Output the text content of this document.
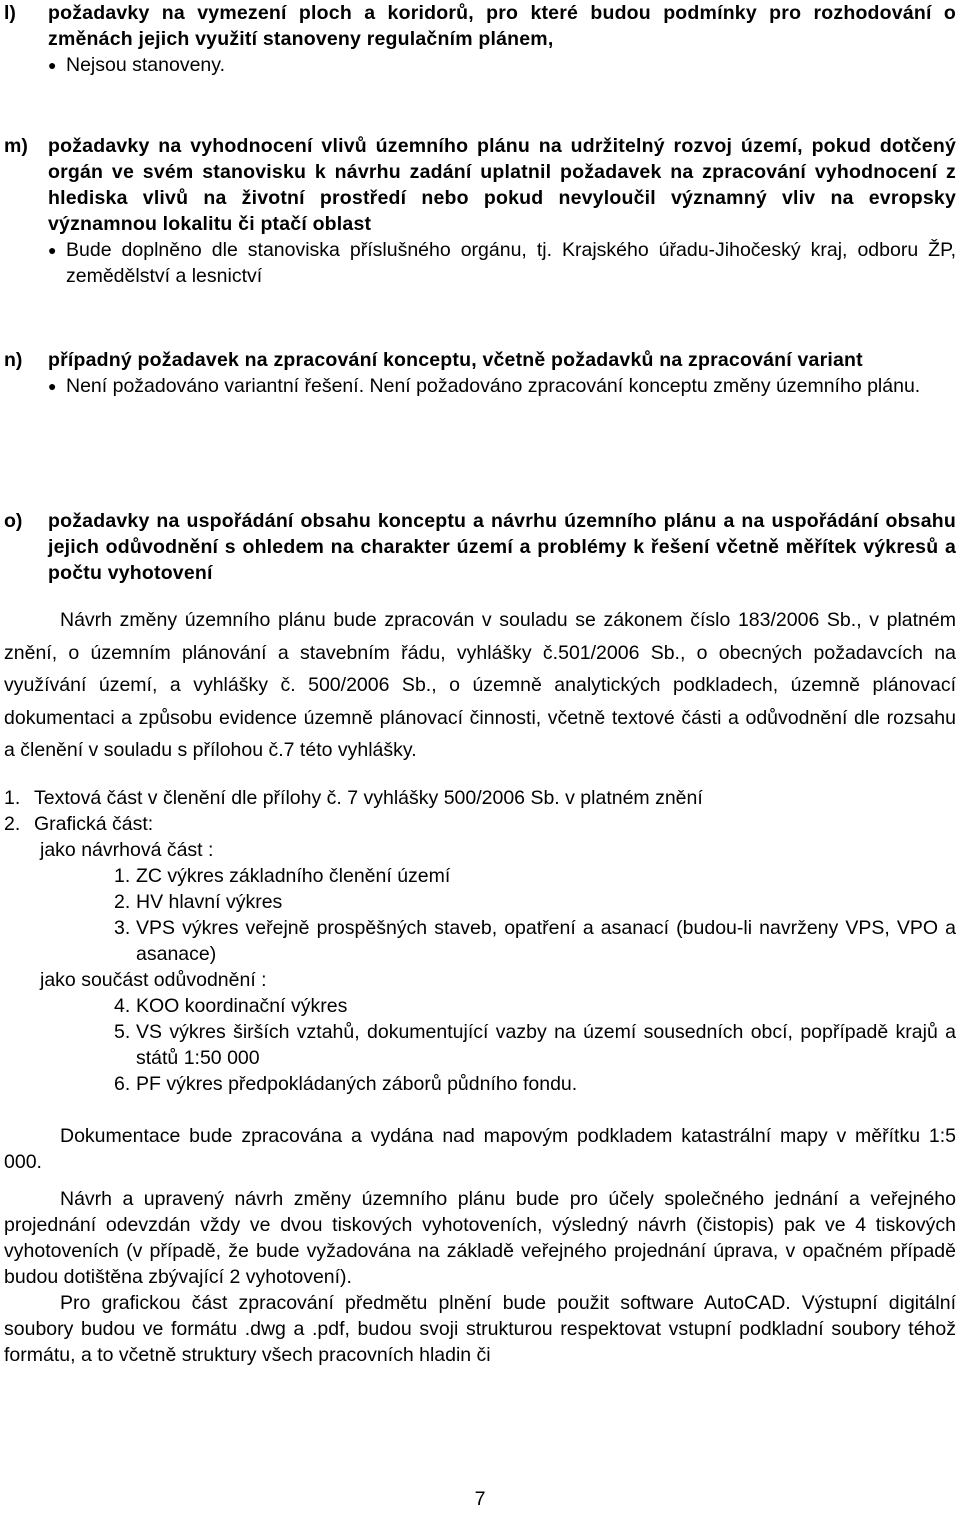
l)	požadavky na vymezení ploch a koridorů, pro které budou podmínky pro rozhodování o změnách jejich využití stanoveny regulačním plánem,
● Nejsou stanoveny.
m)	požadavky na vyhodnocení vlivů územního plánu na udržitelný rozvoj území, pokud dotčený orgán ve svém stanovisku k návrhu zadání uplatnil požadavek na zpracování vyhodnocení z hlediska vlivů na životní prostředí nebo pokud nevyloučil významný vliv na evropsky významnou lokalitu či ptačí oblast
● Bude doplněno dle stanoviska příslušného orgánu, tj. Krajského úřadu-Jihočeský kraj, odboru ŽP, zemědělství a lesnictví
n)	případný požadavek na zpracování konceptu, včetně požadavků na zpracování variant
● Není požadováno variantní řešení. Není požadováno zpracování konceptu změny územního plánu.
o)	požadavky na uspořádání obsahu konceptu a návrhu územního plánu a na uspořádání obsahu jejich odůvodnění s ohledem na charakter území a problémy k řešení včetně měřítek výkresů a počtu vyhotovení

Návrh změny územního plánu bude zpracován v souladu se zákonem číslo 183/2006 Sb., v platném znění, o územním plánování a stavebním řádu, vyhlášky č.501/2006 Sb., o obecných požadavcích na využívání území, a vyhlášky č. 500/2006 Sb., o územně analytických podkladech, územně plánovací dokumentaci a způsobu evidence územně plánovací činnosti, včetně textové části a odůvodnění dle rozsahu a členění v souladu s přílohou č.7 této vyhlášky.

1. Textová část v členění dle přílohy č. 7 vyhlášky 500/2006 Sb. v platném znění
2. Grafická část:
jako návrhová část :
1. ZC výkres základního členění území
2. HV hlavní výkres
3. VPS výkres veřejně prospěšných staveb, opatření a asanací (budou-li navrženy VPS, VPO a asanace)
jako součást odůvodnění :
4. KOO koordinační výkres
5. VS výkres širších vztahů, dokumentující vazby na území sousedních obcí, popřípadě krajů a států 1:50 000
6. PF výkres předpokládaných záborů půdního fondu.

Dokumentace bude zpracována a vydána nad mapovým podkladem katastrální mapy v měřítku 1:5 000.

Návrh a upravený návrh změny územního plánu bude pro účely společného jednání a veřejného projednání odevzdán vždy ve dvou tiskových vyhotoveních, výsledný návrh (čistopis) pak ve 4 tiskových vyhotoveních (v případě, že bude vyžadována na základě veřejného projednání úprava, v opačném případě budou dotištěna zbývající 2 vyhotovení).

Pro grafickou část zpracování předmětu plnění bude použit software AutoCAD. Výstupní digitální soubory budou ve formátu .dwg a .pdf, budou svoji strukturou respektovat vstupní podkladní soubory téhož formátu, a to včetně struktury všech pracovních hladin či

7
